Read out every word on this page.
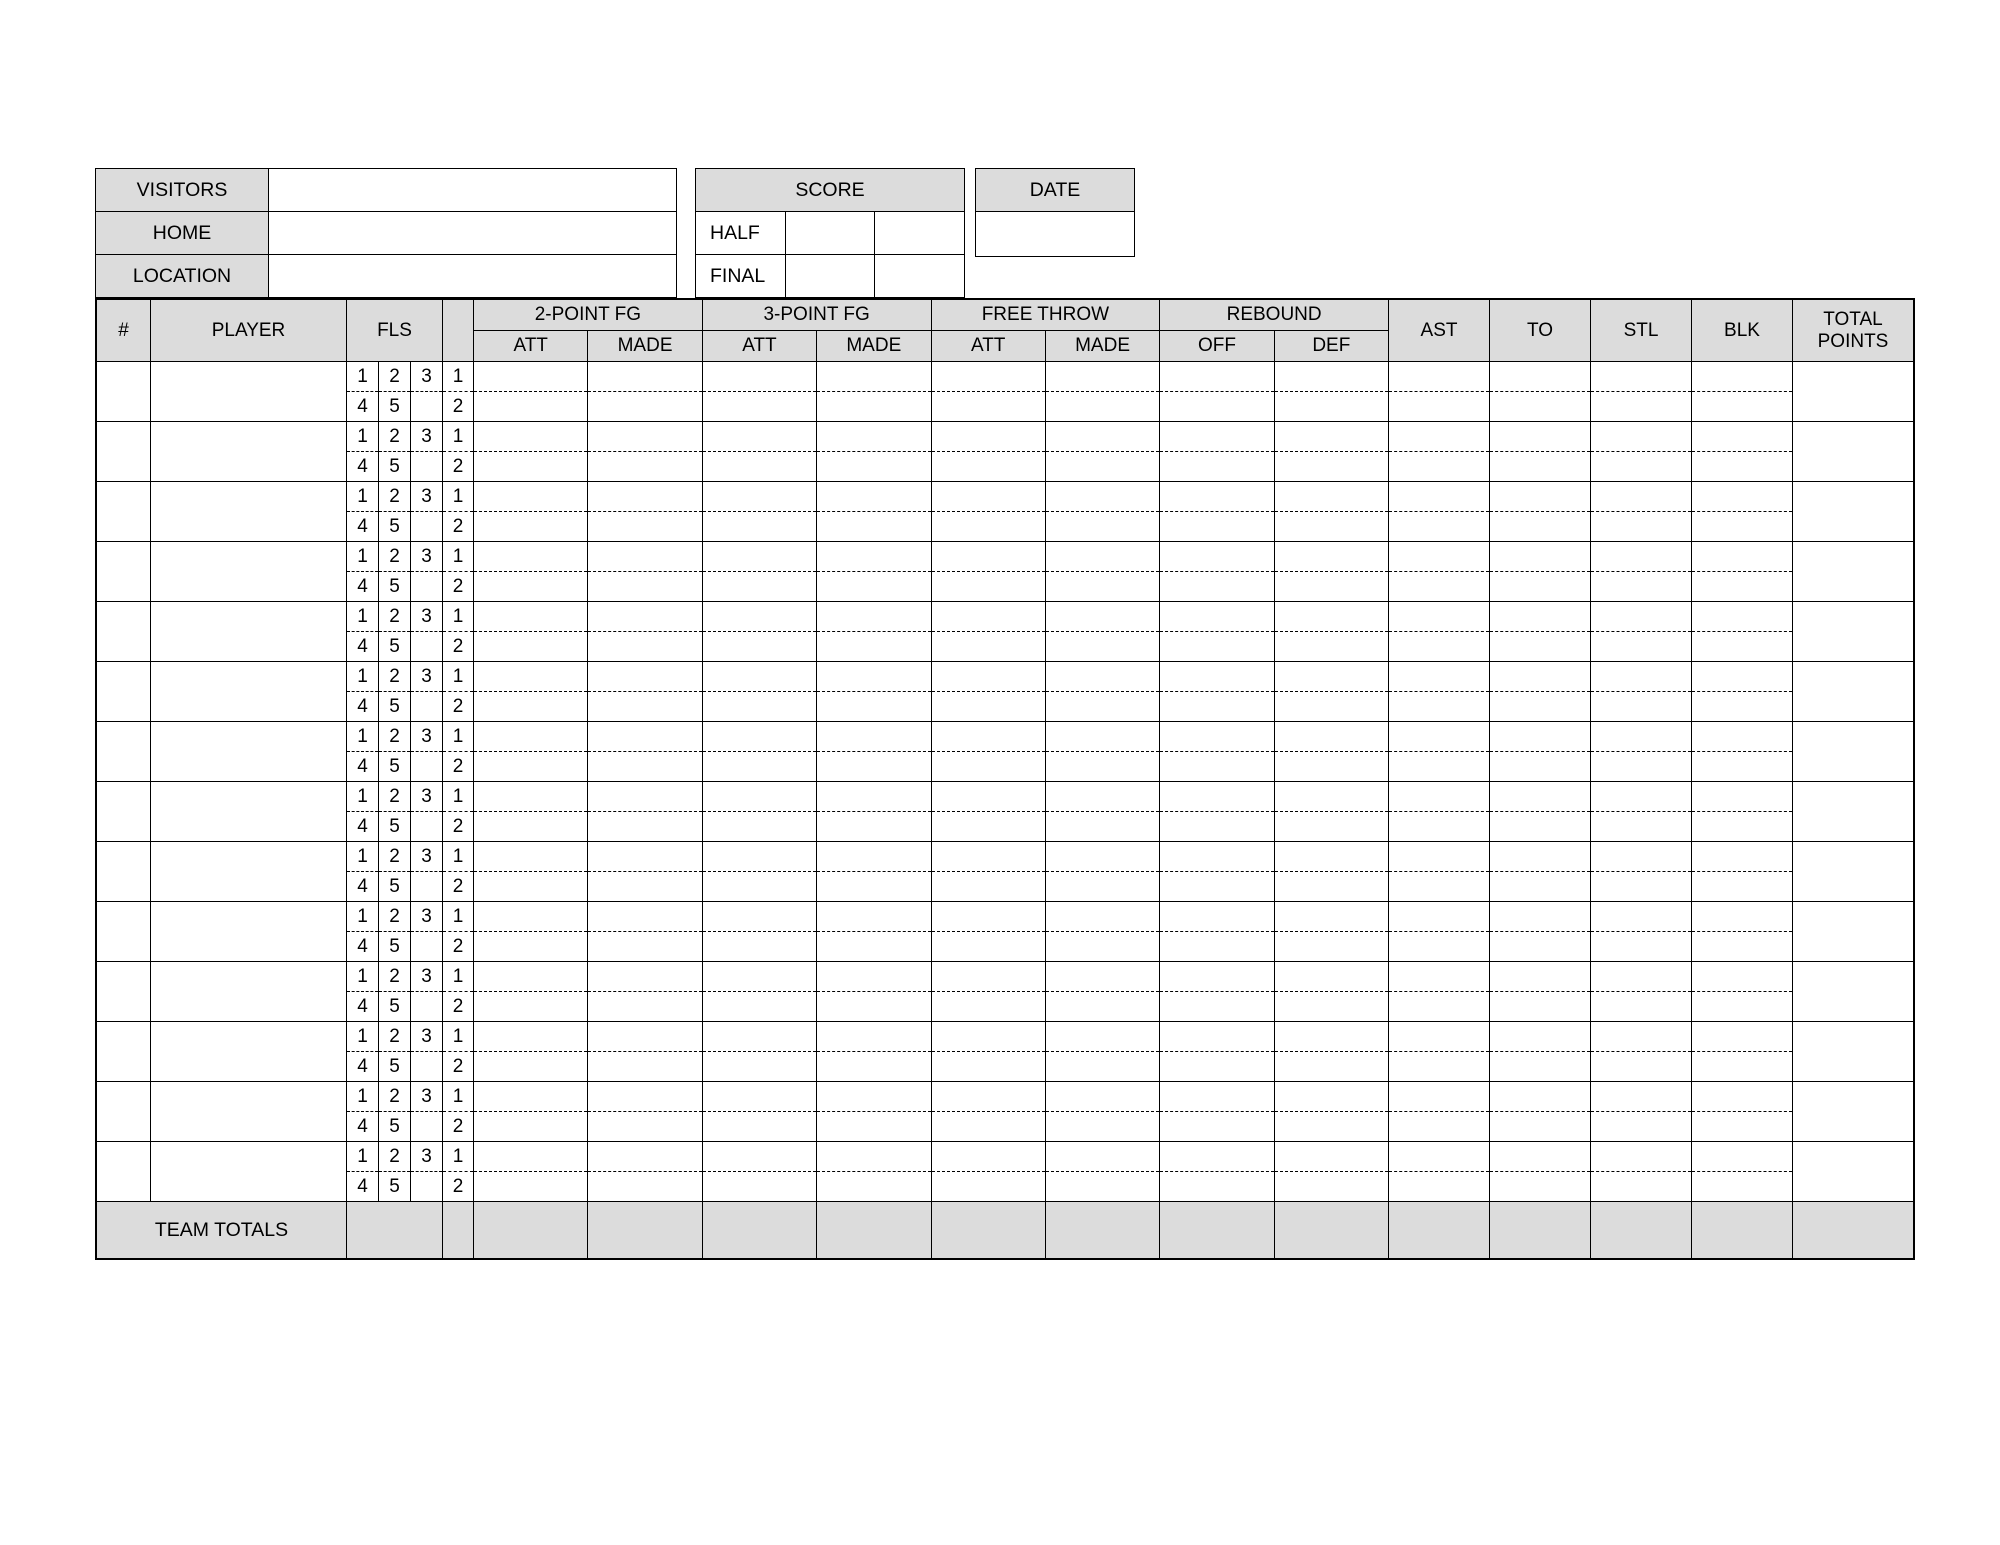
VISITORS	
HOME	
LOCATION	
SCORE		
HALF		
FINAL		
DATE

#	PLAYER	FLS				2-POINT FG		3-POINT FG		FREE THROW		REBOUND		AST	TO	STL	BLK	TOTAL
POINTS

						ATT	MADE	ATT	MADE	ATT	MADE	OFF	DEF					
		1	2	3	1													
		4	5		2													
		1	2	3	1													
		4	5		2													
		1	2	3	1													
		4	5		2													
		1	2	3	1													
		4	5		2													
		1	2	3	1													
		4	5		2													
		1	2	3	1													
		4	5		2													
		1	2	3	1													
		4	5		2													
		1	2	3	1													
		4	5		2													
		1	2	3	1													
		4	5		2													
		1	2	3	1													
		4	5		2													
		1	2	3	1													
		4	5		2													
		1	2	3	1													
		4	5		2													
		1	2	3	1													
		4	5		2													
		1	2	3	1													
		4	5		2													
TEAM TOTALS																		
